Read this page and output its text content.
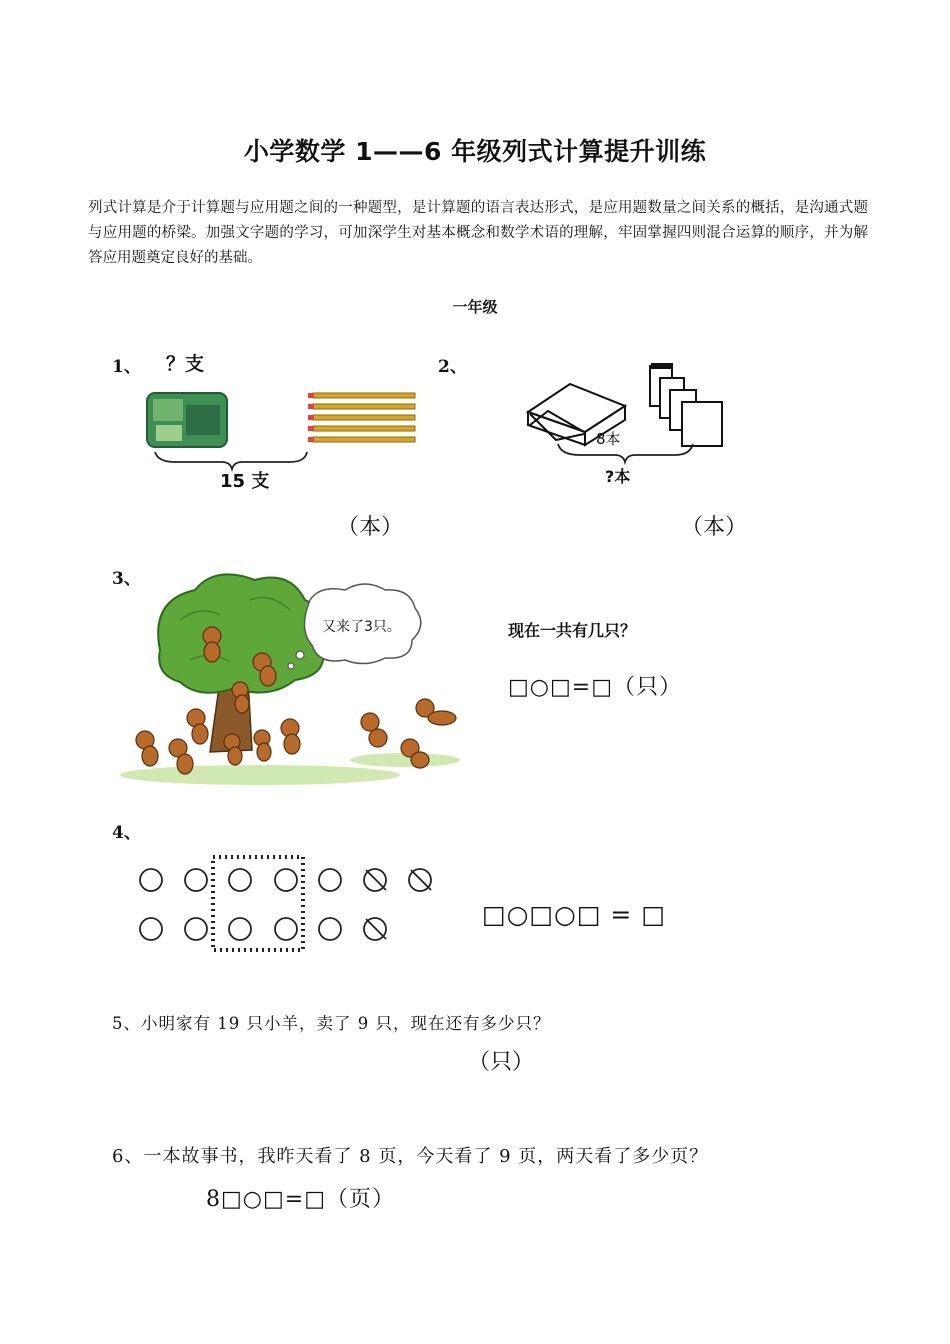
小学数学 1——6 年级列式计算提升训练
列式计算是介于计算题与应用题之间的一种题型，是计算题的语言表达形式，是应用题数量之间关系的概括，是沟通式题与应用题的桥梁。加强文字题的学习，可加深学生对基本概念和数学术语的理解，牢固掌握四则混合运算的顺序，并为解答应用题奠定良好的基础。
一年级
1、 ？支
15 支
（本）
2、
8本
?本
（本）
3、
又来了3只。	现在一共有几只？
□○□=□（只）
4、
□○□○□ = □
5、小明家有 19 只小羊，卖了 9 只，现在还有多少只？
（只）
6、一本故事书，我昨天看了 8 页，今天看了 9 页，两天看了多少页？
8□○□=□（页）
